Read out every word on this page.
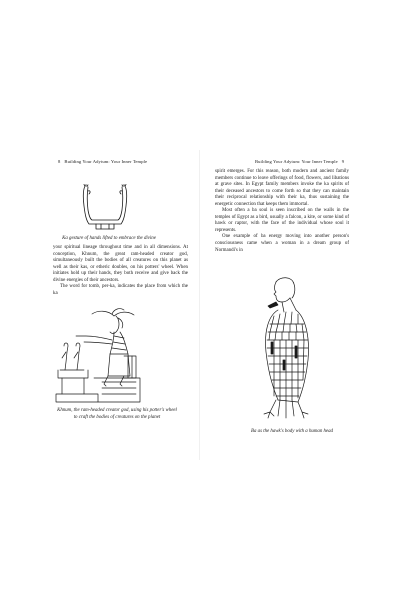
8 Building Your Adytum: Your Inner Temple
Ka gesture of hands lifted to embrace the divine

your spiritual lineage throughout time and in all dimensions. At conception, Khnum, the great ram-headed creator god, simultaneously built the bodies of all creatures on this planet as well as their kas, or etheric doubles, on his potters' wheel. When initiates hold up their hands, they both receive and give back the divine energies of their ancestors.

The word for tomb, per-ka, indicates the place from which the ka

Khnum, the ram-headed creator god, using his potter's wheel to craft the bodies of creatures on the planet
Building Your Adytum: Your Inner Temple 9

spirit emerges. For this reason, both modern and ancient family members continue to leave offerings of food, flowers, and libations at grave sites. In Egypt family members invoke the ka spirits of their deceased ancestors to come forth so that they can maintain their reciprocal relationship with their ka, thus sustaining the energetic connection that keeps them immortal.

Most often a ba soul is seen inscribed on the walls in the temples of Egypt as a bird, usually a falcon, a kite, or some kind of hawk or raptor, with the face of the individual whose soul it represents.

One example of ba energy moving into another person's consciousness came when a woman in a dream group of Normandi's in

Ba as the hawk's body with a human head
